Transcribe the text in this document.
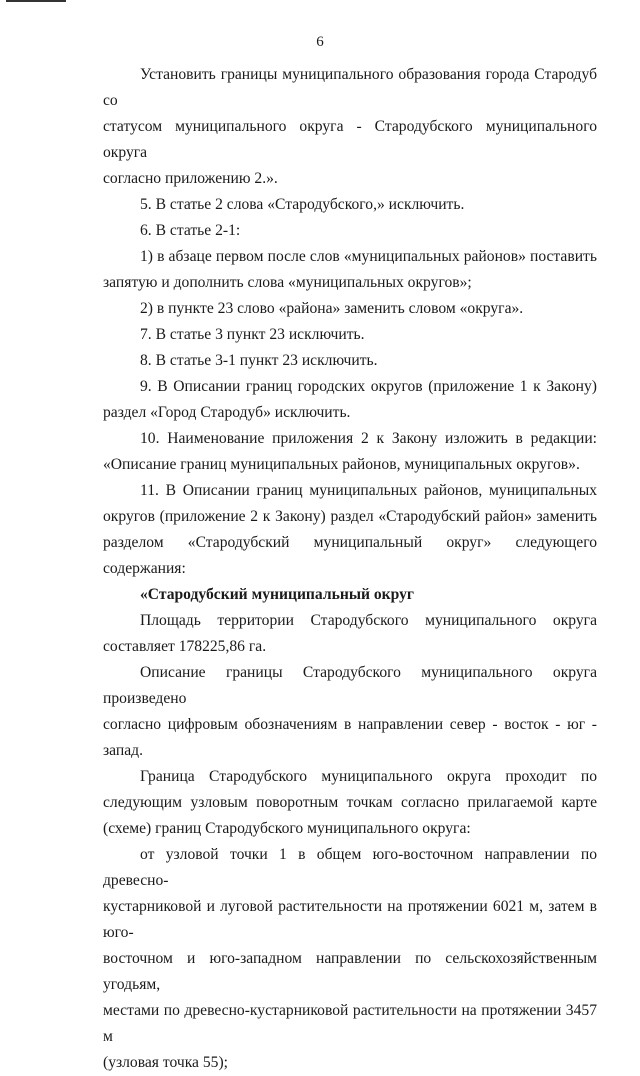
6

Установить границы муниципального образования города Стародуб со

статусом муниципального округа - Стародубского муниципального округа

согласно приложению 2.».

5. В статье 2 слова «Стародубского,» исключить.

6. В статье 2-1:

1) в абзаце первом после слов «муниципальных районов» поставить

запятую и дополнить слова «муниципальных округов»;

2) в пункте 23 слово «района» заменить словом «округа».

7. В статье 3 пункт 23 исключить.

8. В статье 3-1 пункт 23 исключить.

9. В Описании границ городских округов (приложение 1 к Закону)

раздел «Город Стародуб» исключить.

10. Наименование приложения 2 к Закону изложить в редакции:

«Описание границ муниципальных районов, муниципальных округов».

11. В Описании границ муниципальных районов, муниципальных

округов (приложение 2 к Закону) раздел «Стародубский район» заменить

разделом «Стародубский муниципальный округ» следующего содержания:

«Стародубский муниципальный округ

Площадь территории Стародубского муниципального округа

составляет 178225,86 га.

Описание границы Стародубского муниципального округа произведено

согласно цифровым обозначениям в направлении север - восток - юг - запад.

Граница Стародубского муниципального округа проходит по

следующим узловым поворотным точкам согласно прилагаемой карте

(схеме) границ Стародубского муниципального округа:

от узловой точки 1 в общем юго-восточном направлении по древесно-

кустарниковой и луговой растительности на протяжении 6021 м, затем в юго-

восточном и юго-западном направлении по сельскохозяйственным угодьям,

местами по древесно-кустарниковой растительности на протяжении 3457 м

(узловая точка 55);
